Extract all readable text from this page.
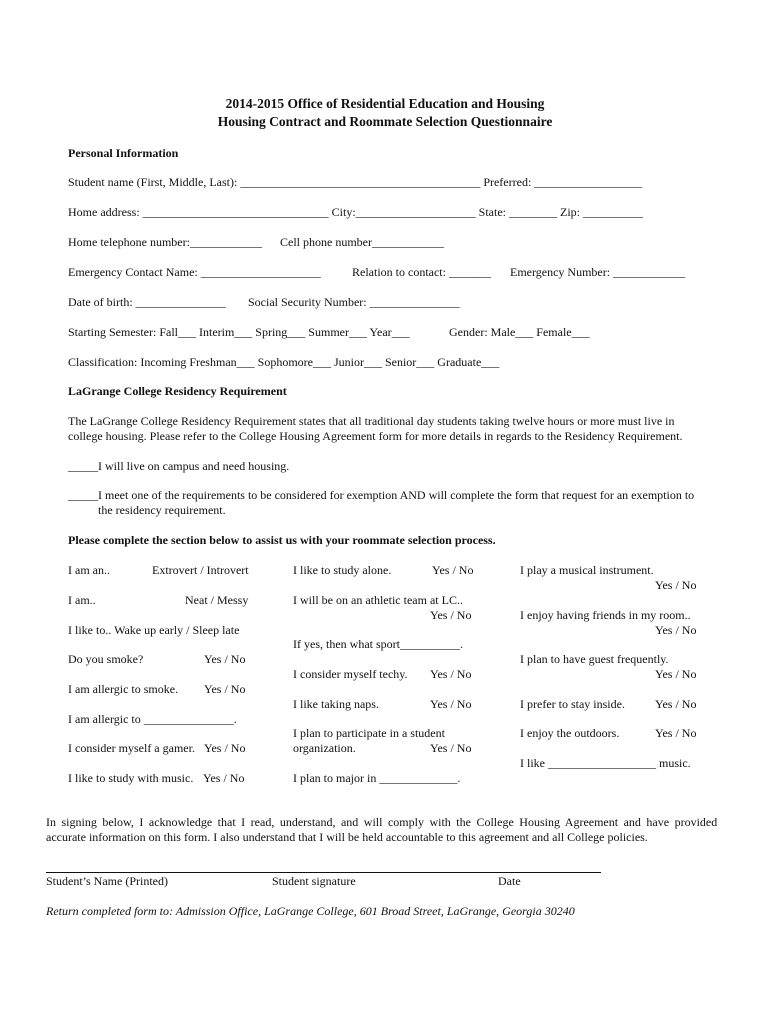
2014-2015 Office of Residential Education and Housing
Housing Contract and Roommate Selection Questionnaire
Personal Information
Student name (First, Middle, Last): ________________________________________ Preferred: __________________
Home address: _______________________________ City:____________________ State: ________ Zip: __________
Home telephone number:____________ Cell phone number____________
Emergency Contact Name: ____________________	Relation to contact: _______ Emergency Number: ____________
Date of birth: _______________ Social Security Number: _______________
Starting Semester: Fall___ Interim___ Spring___ Summer___ Year___	Gender: Male___ Female___
Classification: Incoming Freshman___ Sophomore___ Junior___ Senior___ Graduate___
LaGrange College Residency Requirement
The LaGrange College Residency Requirement states that all traditional day students taking twelve hours or more must live in
college housing. Please refer to the College Housing Agreement form for more details in regards to the Residency Requirement.
_____I will live on campus and need housing.
_____I meet one of the requirements to be considered for exemption AND will complete the form that request for an exemption to
the residency requirement.
Please complete the section below to assist us with your roommate selection process.
I am an..	Extrovert / Introvert
I am..	Neat / Messy
I like to.. Wake up early / Sleep late
Do you smoke?	Yes / No
I am allergic to smoke. Yes / No
I am allergic to _______________.
I consider myself a gamer. Yes / No
I like to study with music. Yes / No
I like to study alone.	Yes / No
I will be on an athletic team at LC..
Yes / No
If yes, then what sport__________.
I consider myself techy. Yes / No
I like taking naps.	Yes / No
I plan to participate in a student
organization.	Yes / No
I plan to major in _____________.
I play a musical instrument.
Yes / No
I enjoy having friends in my room..
Yes / No
I plan to have guest frequently.
Yes / No
I prefer to stay inside.	Yes / No
I enjoy the outdoors.	Yes / No
I like __________________ music.
In signing below, I acknowledge that I read, understand, and will comply with the College Housing Agreement and have provided
accurate information on this form. I also understand that I will be held accountable to this agreement and all College policies.
Student’s Name (Printed)	Student signature	Date
Return completed form to: Admission Office, LaGrange College, 601 Broad Street, LaGrange, Georgia 30240
